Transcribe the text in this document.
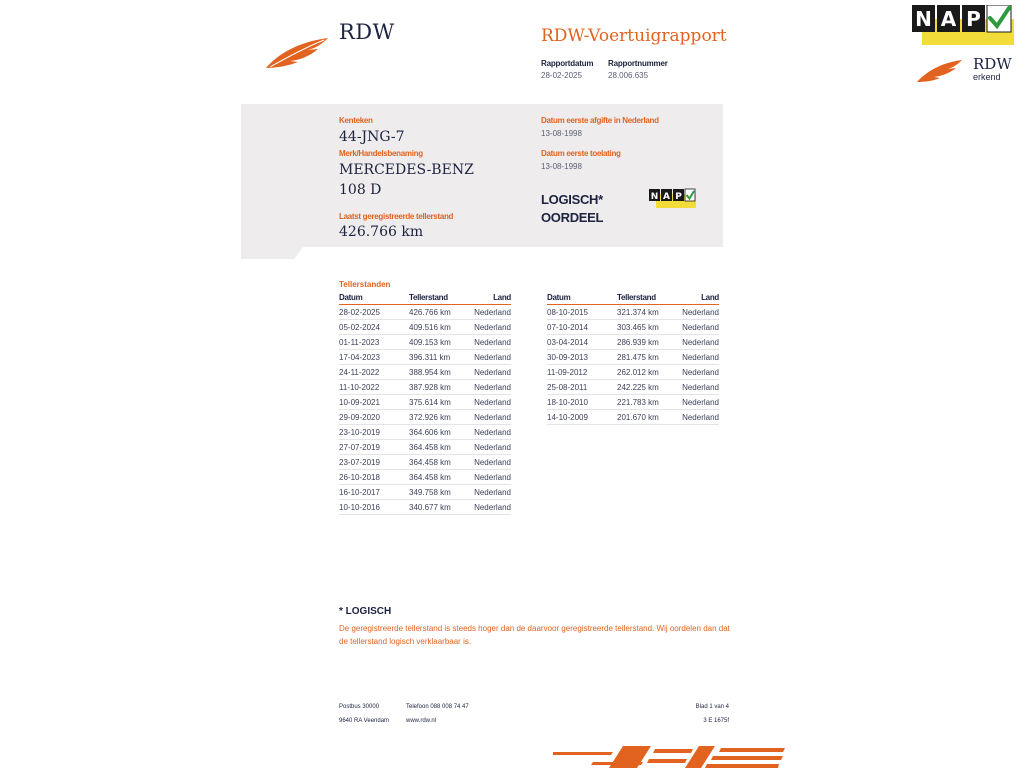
RDW	RDW-Voertuigrapport
Rapportdatum
28-02-2025
Rapportnummer
28.006.635
Kenteken
44-JNG-7
Merk/Handelsbenaming
MERCEDES-BENZ
108 D
Laatst geregistreerde tellerstand
426.766 km
Datum eerste afgifte in Nederland
13-08-1998
Datum eerste toelating
13-08-1998
LOGISCH*
OORDEEL
N A P
Tellerstanden
Datum	Tellerstand	Land
28-02-2025	426.766 km	Nederland
05-02-2024	409.516 km	Nederland
01-11-2023	409.153 km	Nederland
17-04-2023	396.311 km	Nederland
24-11-2022	388.954 km	Nederland
11-10-2022	387.928 km	Nederland
10-09-2021	375.614 km	Nederland
29-09-2020	372.926 km	Nederland
23-10-2019	364.606 km	Nederland
27-07-2019	364.458 km	Nederland
23-07-2019	364.458 km	Nederland
26-10-2018	364.458 km	Nederland
16-10-2017	349.758 km	Nederland
10-10-2016	340.677 km	Nederland
Datum	Tellerstand	Land
08-10-2015	321.374 km	Nederland
07-10-2014	303.465 km	Nederland
03-04-2014	286.939 km	Nederland
30-09-2013	281.475 km	Nederland
11-09-2012	262.012 km	Nederland
25-08-2011	242.225 km	Nederland
18-10-2010	221.783 km	Nederland
14-10-2009	201.670 km	Nederland
* LOGISCH
De geregistreerde tellerstand is steeds hoger dan de daarvoor geregistreerde tellerstand. Wij oordelen dan dat de tellerstand logisch verklaarbaar is.
Postbus 30000
9640 RA Veendam
Telefoon 088 008 74 47
www.rdw.nl
Blad 1 van 4
3 E 1675f
N A P
RDW
erkend
